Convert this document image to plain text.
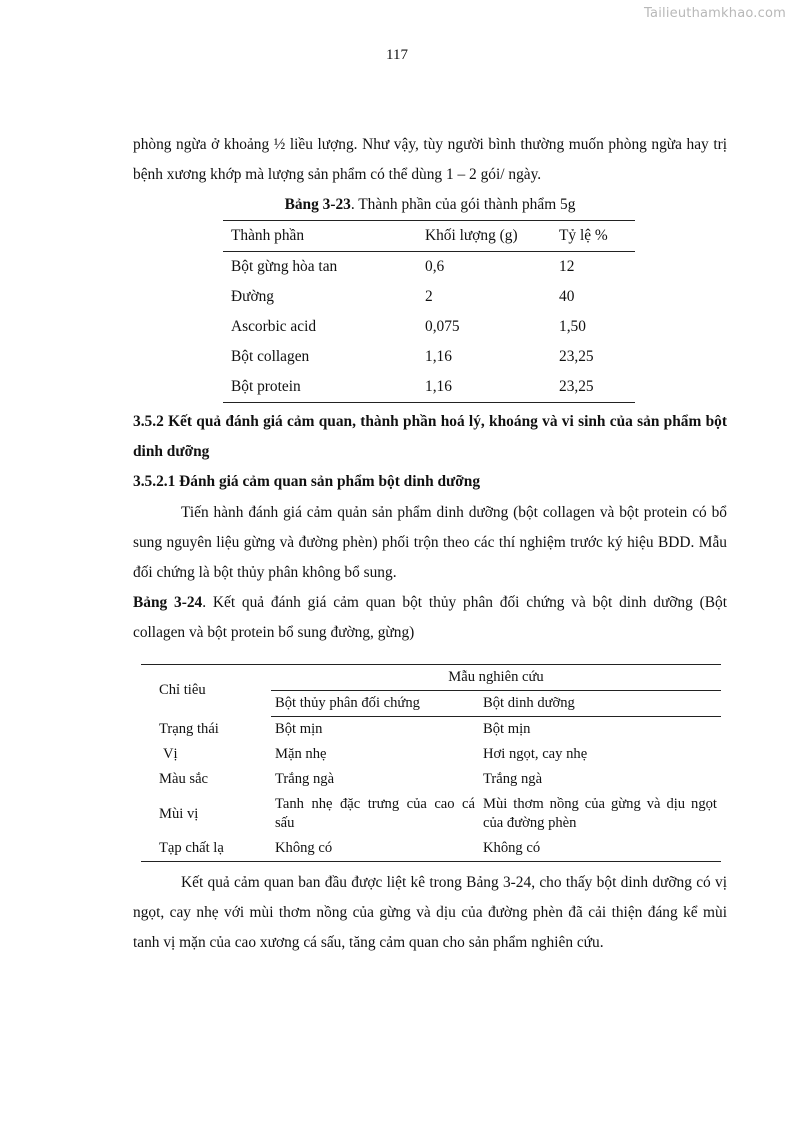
Tailieuthamkhao.com
117

phòng ngừa ở khoảng ½ liều lượng. Như vậy, tùy người bình thường muốn phòng ngừa hay trị bệnh xương khớp mà lượng sản phẩm có thể dùng 1 – 2 gói/ ngày.

Bảng 3-23. Thành phần của gói thành phẩm 5g

Thành phần	Khối lượng (g)	Tỷ lệ %
Bột gừng hòa tan	0,6	12
Đường	2	40
Ascorbic acid	0,075	1,50
Bột collagen	1,16	23,25
Bột protein	1,16	23,25

3.5.2 Kết quả đánh giá cảm quan, thành phần hoá lý, khoáng và vi sinh của sản phẩm bột dinh dưỡng

3.5.2.1 Đánh giá cảm quan sản phẩm bột dinh dưỡng

Tiến hành đánh giá cảm quản sản phẩm dinh dưỡng (bột collagen và bột protein có bổ sung nguyên liệu gừng và đường phèn) phối trộn theo các thí nghiệm trước ký hiệu BDD. Mẫu đối chứng là bột thủy phân không bổ sung.

Bảng 3-24. Kết quả đánh giá cảm quan bột thủy phân đối chứng và bột dinh dưỡng (Bột collagen và bột protein bổ sung đường, gừng)

Chỉ tiêu	Mẫu nghiên cứu	
	Bột thủy phân đối chứng	Bột dinh dưỡng
Trạng thái	Bột mịn	Bột mịn
Vị	Mặn nhẹ	Hơi ngọt, cay nhẹ
Màu sắc	Trắng ngà	Trắng ngà
Mùi vị	Tanh nhẹ đặc trưng của cao cá sấu	Mùi thơm nồng của gừng và dịu ngọt của đường phèn
Tạp chất lạ	Không có	Không có

Kết quả cảm quan ban đầu được liệt kê trong Bảng 3-24, cho thấy bột dinh dưỡng có vị ngọt, cay nhẹ với mùi thơm nồng của gừng và dịu của đường phèn đã cải thiện đáng kể mùi tanh vị mặn của cao xương cá sấu, tăng cảm quan cho sản phẩm nghiên cứu.
